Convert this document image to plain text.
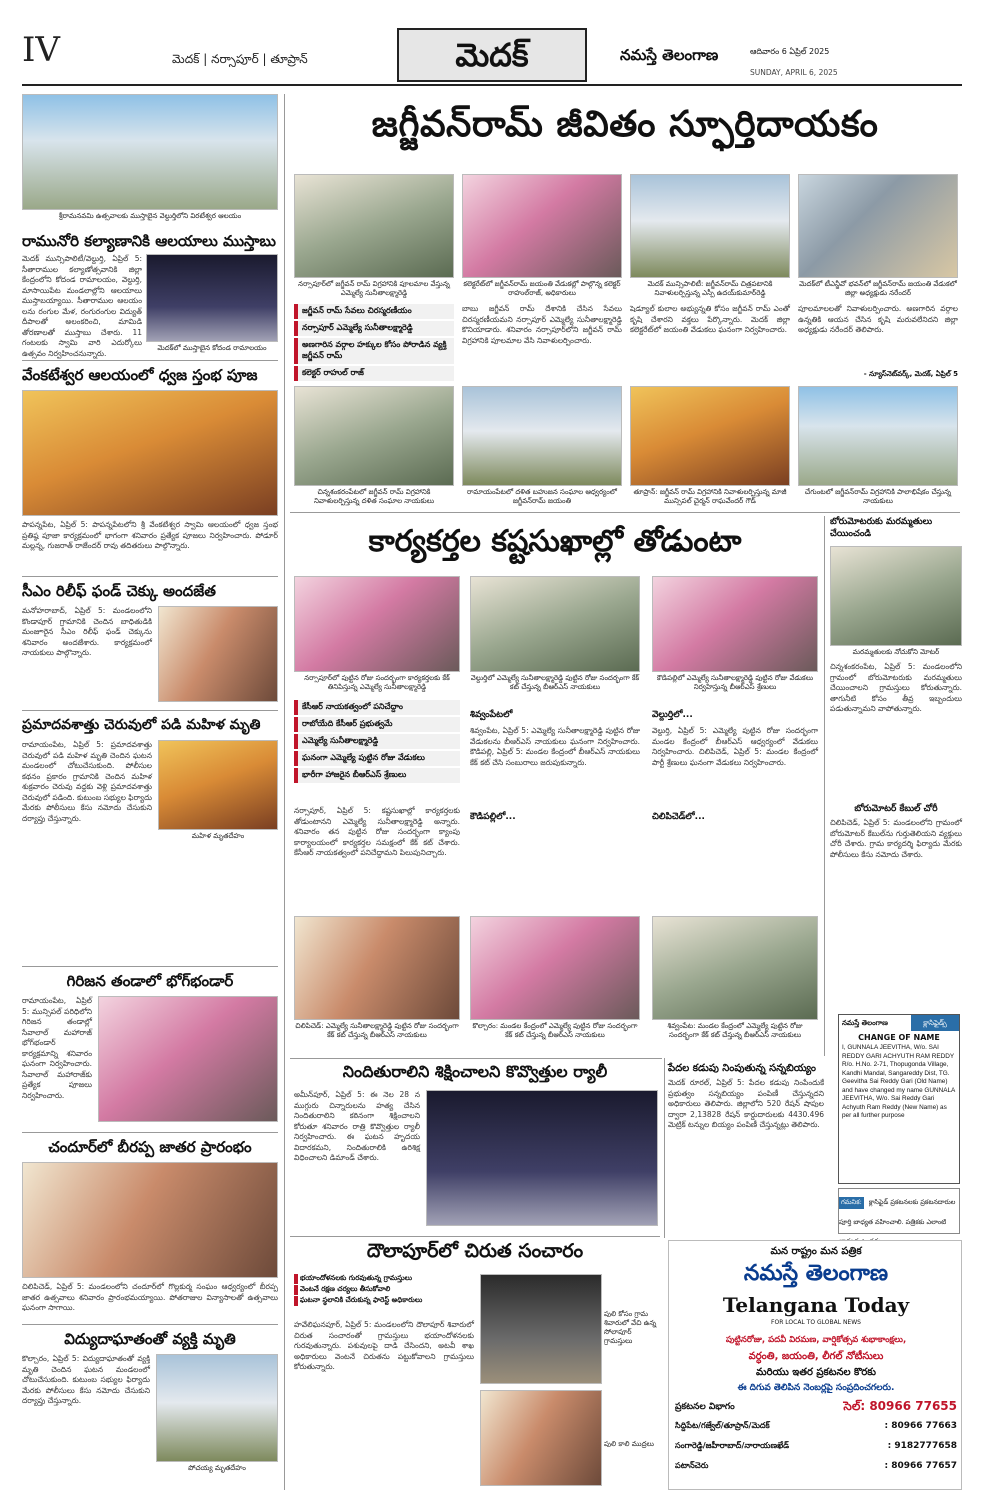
IV	మెదక్ | నర్సాపూర్ | తూప్రాన్	మెదక్	నమస్తే తెలంగాణ	ఆదివారం 6 ఏప్రిల్ 2025
SUNDAY, APRIL 6, 2025
శ్రీరామనవమి ఉత్సవాలకు ముస్తాబైన వెల్దుర్తిలోని విరటేశ్వర ఆలయం
రామునోరి కల్యాణానికి ఆలయాలు ముస్తాబు
మెదక్ మున్సిపాలిటీ/వెల్దుర్తి, ఏప్రిల్ 5: సీతారాముల కల్యాణోత్సవానికి జిల్లా కేంద్రంలోని కోదండ రామాలయం, వెల్దుర్తి, మాసాయిపేట మండలాల్లోని ఆలయాలు ముస్తాబయ్యాయి. సీతారాముల ఆలయం లను రంగుల మేళ, రంగురంగుల విద్యుత్ దీపాలతో అలంకరించి, మామిడి తోరణాలతో ముస్తాబు చేశారు. 11 గంటలకు స్వామి వారి ఎదుర్కోలు ఉత్సవం నిర్వహించనున్నారు.
మెదక్‌లో ముస్తాబైన కోదండ రామాలయం
వేంకటేశ్వర ఆలయంలో ధ్వజ స్తంభ పూజ
పాపన్నపేట, ఏప్రిల్ 5: పాపన్నపేటలోని శ్రీ వేంకటేశ్వర స్వామి ఆలయంలో ధ్వజ స్తంభ ప్రతిష్ఠ పూజా కార్యక్రమంలో భాగంగా శనివారం ప్రత్యేక పూజలు నిర్వహించారు. పోడూర్ మల్లన్న, గుజరాత్ రాజేందర్ రావు తదితరులు పాల్గొన్నారు.
సీఎం రిలీఫ్ ఫండ్ చెక్కు అందజేత
మనోహరాబాద్, ఏప్రిల్ 5: మండలంలోని కొండాపూర్ గ్రామానికి చెందిన బాధితుడికి మంజూరైన సీఎం రిలీఫ్ ఫండ్ చెక్కును శనివారం అందజేశారు. కార్యక్రమంలో నాయకులు పాల్గొన్నారు.
ప్రమాదవశాత్తు చెరువులో పడి మహిళ మృతి
రామాయంపేట, ఏప్రిల్ 5: ప్రమాదవశాత్తు చెరువులో పడి మహిళ మృతి చెందిన ఘటన మండలంలో చోటుచేసుకుంది. పోలీసుల కథనం ప్రకారం గ్రామానికి చెందిన మహిళ శుక్రవారం చెరువు వద్దకు వెళ్లి ప్రమాదవశాత్తు చెరువులో పడింది. కుటుంబ సభ్యుల ఫిర్యాదు మేరకు పోలీసులు కేసు నమోదు చేసుకుని దర్యాప్తు చేస్తున్నారు.
మహిళ మృతదేహం
గిరిజన తండాలో భోగ్‌భండార్
రామాయంపేట, ఏప్రిల్ 5: మున్సిపల్ పరిధిలోని గిరిజన తండాల్లో సేవాలాల్ మహారాజ్ భోగ్‌భండార్ కార్యక్రమాన్ని శనివారం ఘనంగా నిర్వహించారు. సేవాలాల్ మహారాజ్‌కు ప్రత్యేక పూజలు నిర్వహించారు.
చందూర్‌లో బీరప్ప జాతర ప్రారంభం
చిలిపిచెడ్, ఏప్రిల్ 5: మండలంలోని చందూర్‌లో గొల్లకుర్మ సంఘం ఆధ్వర్యంలో బీరప్ప జాతర ఉత్సవాలు శనివారం ప్రారంభమయ్యాయి. పోతరాజుల విన్యాసాలతో ఉత్సవాలు ఘనంగా సాగాయి.
విద్యుదాఘాతంతో వ్యక్తి మృతి
కొల్చారం, ఏప్రిల్ 5: విద్యుదాఘాతంతో వ్యక్తి మృతి చెందిన ఘటన మండలంలో చోటుచేసుకుంది. కుటుంబ సభ్యుల ఫిర్యాదు మేరకు పోలీసులు కేసు నమోదు చేసుకుని దర్యాప్తు చేస్తున్నారు.
పోచయ్య మృతదేహం
జగ్జీవన్‌రామ్ జీవితం స్ఫూర్తిదాయకం
నర్సాపూర్‌లో జగ్జీవన్ రామ్ విగ్రహానికి పూలమాల వేస్తున్న ఎమ్మెల్యే సునీతాలక్ష్మారెడ్డి
కలెక్టరేట్‌లో జగ్జీవన్‌రామ్ జయంతి వేడుకల్లో పాల్గొన్న కలెక్టర్ రాహుల్‌రాజ్, అధికారులు
మెదక్ మున్సిపాలిటీ: జగ్జీవన్‌రామ్ చిత్రపటానికి నివాళులర్పిస్తున్న ఎస్పీ ఉదయ్‌కుమార్‌రెడ్డి
మెదక్‌లో టీఎన్జీవో భవన్‌లో జగ్జీవన్‌రామ్ జయంతి వేడుకలో జిల్లా అధ్యక్షుడు నరేందర్
జగ్జీవన్ రామ్ సేవలు చిరస్మరణీయం
నర్సాపూర్ ఎమ్మెల్యే సునీతాలక్ష్మారెడ్డి
అణగారిన వర్గాల హక్కుల కోసం పోరాడిన వ్యక్తి జగ్జీవన్ రామ్
కలెక్టర్ రాహుల్ రాజ్
బాబు జగ్జీవన్ రామ్ దేశానికి చేసిన సేవలు చిరస్మరణీయమని నర్సాపూర్ ఎమ్మెల్యే సునీతాలక్ష్మారెడ్డి కొనియాడారు. శనివారం నర్సాపూర్‌లోని జగ్జీవన్ రామ్ విగ్రహానికి పూలమాల వేసి నివాళులర్పించారు.
షెడ్యూల్ కులాల అభ్యున్నతి కోసం జగ్జీవన్ రామ్ ఎంతో కృషి చేశారని వక్తలు పేర్కొన్నారు. మెదక్ జిల్లా కలెక్టరేట్‌లో జయంతి వేడుకలు ఘనంగా నిర్వహించారు.
పూలమాలలతో నివాళులర్పించారు. అణగారిన వర్గాల ఉన్నతికి ఆయన చేసిన కృషి మరువలేనిదని జిల్లా అధ్యక్షుడు నరేందర్ తెలిపారు.
- న్యూస్‌నెట్‌వర్క్, మెదక్, ఏప్రిల్ 5
చిన్నశంకరంపేటలో జగ్జీవన్ రామ్ విగ్రహానికి నివాళులర్పిస్తున్న దళిత సంఘాల నాయకులు
రామాయంపేటలో దళిత బహుజన సంఘాల ఆధ్వర్యంలో జగ్జీవన్‌రామ్ జయంతి
తూప్రాన్: జగ్జీవన్ రామ్ విగ్రహానికి నివాళులర్పిస్తున్న మాజీ మున్సిపల్ చైర్మన్ రాఘవేందర్ గౌడ్
చేగుంటలో జగ్జీవన్‌రామ్ విగ్రహానికి పాలాభిషేకం చేస్తున్న నాయకులు
కార్యకర్తల కష్టసుఖాల్లో తోడుంటా
నర్సాపూర్‌లో పుట్టిన రోజు సందర్భంగా కార్యకర్తలకు కేక్ తినిపిస్తున్న ఎమ్మెల్యే సునీతాలక్ష్మారెడ్డి
వెల్దుర్తిలో ఎమ్మెల్యే సునీతాలక్ష్మారెడ్డి పుట్టిన రోజు సందర్భంగా కేక్ కట్ చేస్తున్న బీఆర్‌ఎస్ నాయకులు
కౌడిపల్లిలో ఎమ్మెల్యే సునీతాలక్ష్మారెడ్డి పుట్టిన రోజు వేడుకలు నిర్వహిస్తున్న బీఆర్‌ఎస్ శ్రేణులు
కేసీఆర్ నాయకత్వంలో పనిచేద్దాం
రాబోయేది కేసీఆర్ ప్రభుత్వమే
ఎమ్మెల్యే సునీతాలక్ష్మారెడ్డి
ఘనంగా ఎమ్మెల్యే పుట్టిన రోజు వేడుకలు
భారీగా హాజరైన బీఆర్‌ఎస్ శ్రేణులు
నర్సాపూర్, ఏప్రిల్ 5: కష్టసుఖాల్లో కార్యకర్తలకు తోడుంటానని ఎమ్మెల్యే సునీతాలక్ష్మారెడ్డి అన్నారు. శనివారం తన పుట్టిన రోజు సందర్భంగా క్యాంపు కార్యాలయంలో కార్యకర్తల సమక్షంలో కేక్ కట్ చేశారు. కేసీఆర్ నాయకత్వంలో పనిచేద్దామని పిలుపునిచ్చారు.
శివ్వంపేటలో
శివ్వంపేట, ఏప్రిల్ 5: ఎమ్మెల్యే సునీతాలక్ష్మారెడ్డి పుట్టిన రోజు వేడుకలను బీఆర్‌ఎస్ నాయకులు ఘనంగా నిర్వహించారు. కౌడిపల్లి, ఏప్రిల్ 5: మండల కేంద్రంలో బీఆర్‌ఎస్ నాయకులు కేక్ కట్ చేసి సంబురాలు జరుపుకున్నారు.
కౌడిపల్లిలో...
వెల్దుర్తిలో...
వెల్దుర్తి, ఏప్రిల్ 5: ఎమ్మెల్యే పుట్టిన రోజు సందర్భంగా మండల కేంద్రంలో బీఆర్‌ఎస్ ఆధ్వర్యంలో వేడుకలు నిర్వహించారు. చిలిపిచెడ్, ఏప్రిల్ 5: మండల కేంద్రంలో పార్టీ శ్రేణులు ఘనంగా వేడుకలు నిర్వహించారు.
చిలిపిచెడ్‌లో...
చిలిపిచెడ్: ఎమ్మెల్యే సునీతాలక్ష్మారెడ్డి పుట్టిన రోజు సందర్భంగా కేక్ కట్ చేస్తున్న బీఆర్‌ఎస్ నాయకులు
కొల్చారం: మండల కేంద్రంలో ఎమ్మెల్యే పుట్టిన రోజు సందర్భంగా కేక్ కట్ చేస్తున్న బీఆర్‌ఎస్ నాయకులు
శివ్వంపేట: మండల కేంద్రంలో ఎమ్మెల్యే పుట్టిన రోజు సందర్భంగా కేక్ కట్ చేస్తున్న బీఆర్‌ఎస్ నాయకులు
బోరుమోటరుకు మరమ్మతులు చేయించండి
మరమ్మతులకు నోచుకోని మోటర్
చిన్నశంకరంపేట, ఏప్రిల్ 5: మండలంలోని గ్రామంలో బోరుమోటరుకు మరమ్మతులు చేయించాలని గ్రామస్తులు కోరుతున్నారు. తాగునీటి కోసం తీవ్ర ఇబ్బందులు పడుతున్నామని వాపోతున్నారు.
బోరుమోటర్ కేబుల్ చోరీ
చిలిపిచెడ్, ఏప్రిల్ 5: మండలంలోని గ్రామంలో బోరుమోటర్ కేబుల్‌ను గుర్తుతెలియని వ్యక్తులు చోరీ చేశారు. గ్రామ కార్యదర్శి ఫిర్యాదు మేరకు పోలీసులు కేసు నమోదు చేశారు.
నమస్తే తెలంగాణ	క్లాసిఫైడ్స్
CHANGE OF NAME
I, GUNNALA JEEVITHA, W/o. SAI REDDY GARI ACHYUTH RAM REDDY R/o. H.No. 2-71, Thopugonda Village, Kandhi Mandal, Sangareddy Dist, TG. Geevitha Sai Reddy Gari (Old Name) and have changed my name GUNNALA JEEVITHA, W/o. Sai Reddy Gari Achyuth Ram Reddy (New Name) as per all further purpose
గమనిక: క్లాసిఫైడ్ ప్రకటనలకు ప్రకటనదారుల పూర్తి బాధ్యత వహించాలి. పత్రికకు ఎలాంటి
నిందితురాలిని శిక్షించాలని కొవ్వొత్తుల ర్యాలీ
అమీన్‌పూర్, ఏప్రిల్ 5: ఈ నెల 28 న ముగ్గురు చిన్నారులను హత్య చేసిన నిందితురాలిని కఠినంగా శిక్షించాలని కోరుతూ శనివారం రాత్రి కొవ్వొత్తుల ర్యాలీ నిర్వహించారు. ఈ ఘటన హృదయ విదారకమని, నిందితురాలికి ఉరిశిక్ష విధించాలని డిమాండ్ చేశారు.
పేదల కడుపు నింపుతున్న సన్నబియ్యం
మెదక్ రూరల్, ఏప్రిల్ 5: పేదల కడుపు నింపేందుకే ప్రభుత్వం సన్నబియ్యం పంపిణీ చేస్తున్నదని అధికారులు తెలిపారు. జిల్లాలోని 520 రేషన్ షాపుల ద్వారా 2,13828 రేషన్ కార్డుదారులకు 4430.496 మెట్రిక్ టన్నుల బియ్యం పంపిణీ చేస్తున్నట్లు తెలిపారు.
దౌలాపూర్‌లో చిరుత సంచారం
భయాందోళనలకు గురవుతున్న గ్రామస్తులు
వెంటనే రక్షణ చర్యలు తీసుకోవాలి
ఘటనా స్థలానికి చేరుకున్న ఫారెస్ట్ అధికారులు
హవేలిఘనపూర్, ఏప్రిల్ 5: మండలంలోని దౌలాపూర్ శివారులో చిరుత సంచారంతో గ్రామస్తులు భయాందోళనలకు గురవుతున్నారు. పశువులపై దాడి చేసిందని, అటవీ శాఖ అధికారులు వెంటనే చిరుతను పట్టుకోవాలని గ్రామస్తులు కోరుతున్నారు.
పులి కోసం గ్రామ శివారులో వేచి ఉన్న సోలాపూర్ గ్రామస్తులు
పులి కాలి ముద్రలు
మన రాష్ట్రం మన పత్రిక
నమస్తే తెలంగాణ
Telangana Today
FOR LOCAL TO GLOBAL NEWS
పుట్టినరోజు, పదవీ విరమణ, వార్షికోత్సవ శుభాకాంక్షలు,
వర్ధంతి, జయంతి, లీగల్ నోటీసులు
మరియు ఇతర ప్రకటనల కొరకు
ఈ దిగువ తెలిపిన నెంబర్లపై సంప్రదించగలరు.
ప్రకటనల విభాగం	సెల్: 80966 77655
సిద్దిపేట/గజ్వేల్/తూప్రాన్/మెదక్	: 80966 77663
సంగారెడ్డి/జహీరాబాద్/నారాయణఖేడ్	: 9182777658
పటాన్‌చెరు	: 80966 77657
